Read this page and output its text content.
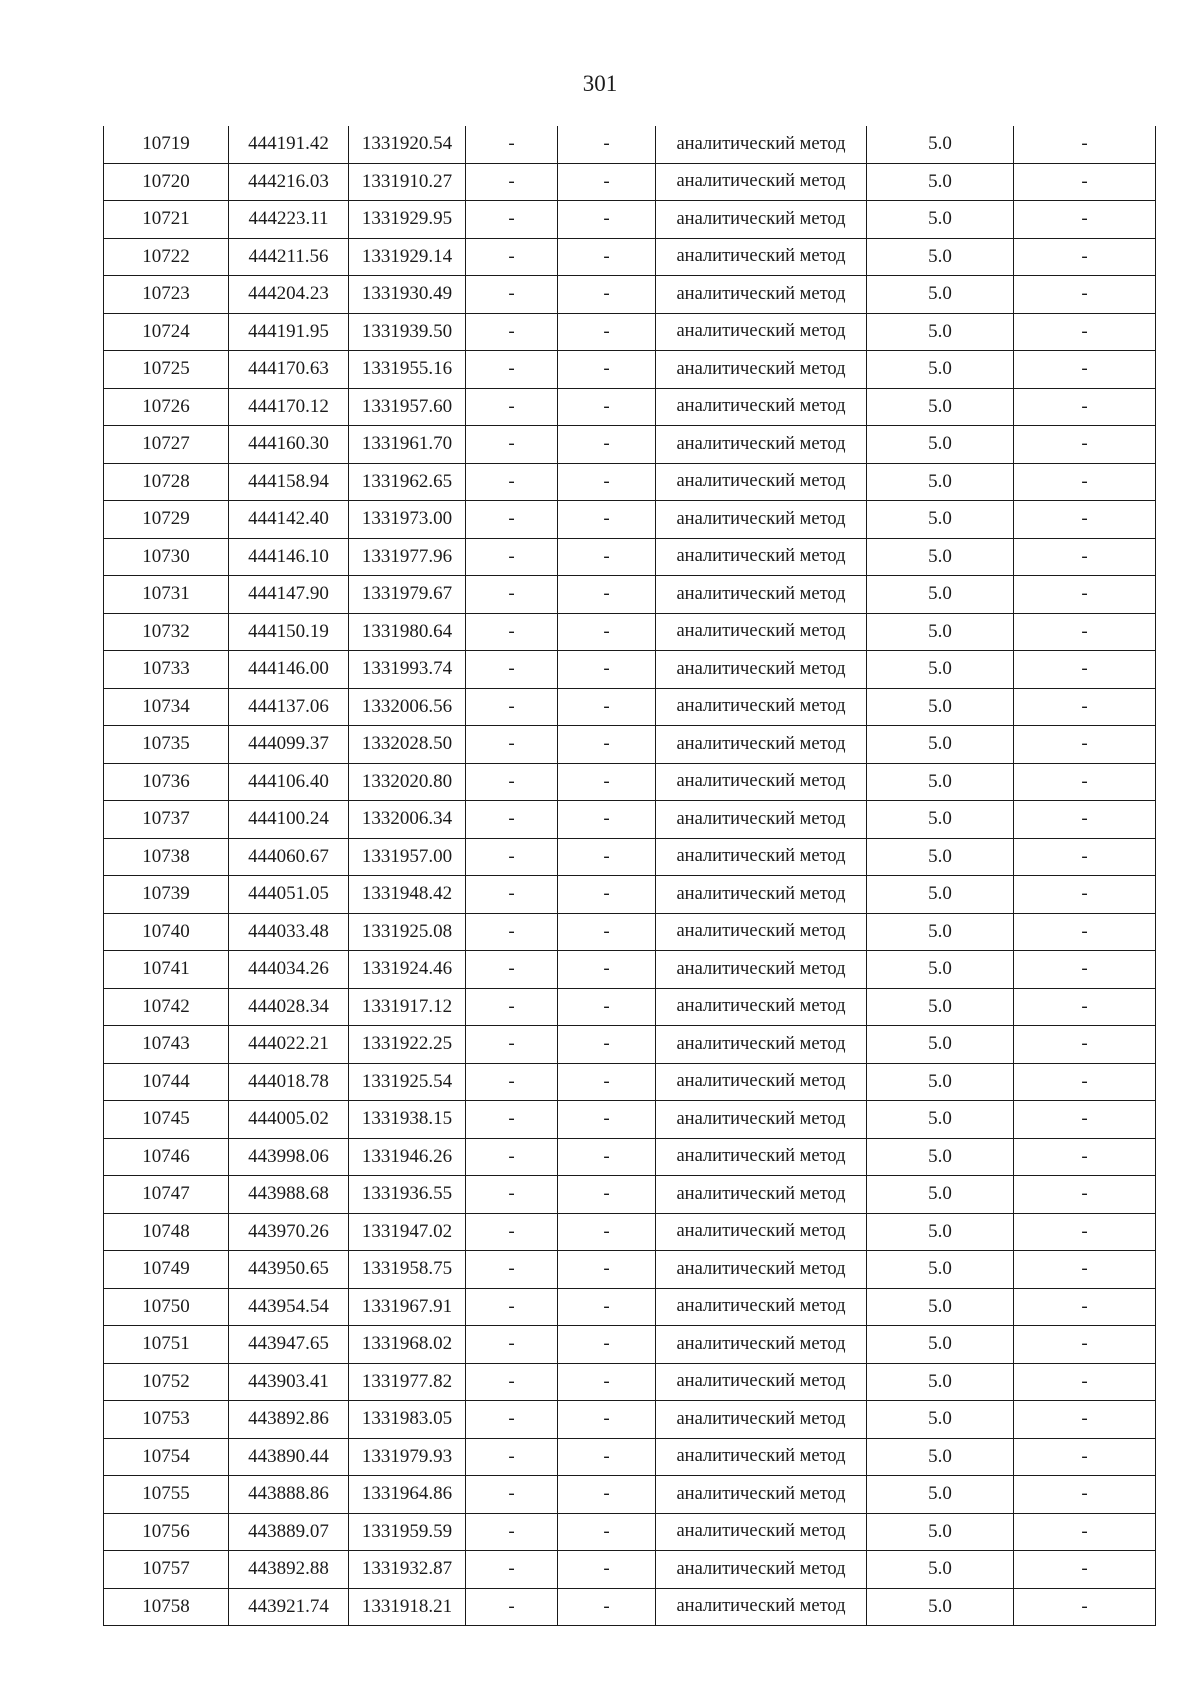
301
10719	444191.42	1331920.54	-	-	аналитический метод	5.0	-
10720	444216.03	1331910.27	-	-	аналитический метод	5.0	-
10721	444223.11	1331929.95	-	-	аналитический метод	5.0	-
10722	444211.56	1331929.14	-	-	аналитический метод	5.0	-
10723	444204.23	1331930.49	-	-	аналитический метод	5.0	-
10724	444191.95	1331939.50	-	-	аналитический метод	5.0	-
10725	444170.63	1331955.16	-	-	аналитический метод	5.0	-
10726	444170.12	1331957.60	-	-	аналитический метод	5.0	-
10727	444160.30	1331961.70	-	-	аналитический метод	5.0	-
10728	444158.94	1331962.65	-	-	аналитический метод	5.0	-
10729	444142.40	1331973.00	-	-	аналитический метод	5.0	-
10730	444146.10	1331977.96	-	-	аналитический метод	5.0	-
10731	444147.90	1331979.67	-	-	аналитический метод	5.0	-
10732	444150.19	1331980.64	-	-	аналитический метод	5.0	-
10733	444146.00	1331993.74	-	-	аналитический метод	5.0	-
10734	444137.06	1332006.56	-	-	аналитический метод	5.0	-
10735	444099.37	1332028.50	-	-	аналитический метод	5.0	-
10736	444106.40	1332020.80	-	-	аналитический метод	5.0	-
10737	444100.24	1332006.34	-	-	аналитический метод	5.0	-
10738	444060.67	1331957.00	-	-	аналитический метод	5.0	-
10739	444051.05	1331948.42	-	-	аналитический метод	5.0	-
10740	444033.48	1331925.08	-	-	аналитический метод	5.0	-
10741	444034.26	1331924.46	-	-	аналитический метод	5.0	-
10742	444028.34	1331917.12	-	-	аналитический метод	5.0	-
10743	444022.21	1331922.25	-	-	аналитический метод	5.0	-
10744	444018.78	1331925.54	-	-	аналитический метод	5.0	-
10745	444005.02	1331938.15	-	-	аналитический метод	5.0	-
10746	443998.06	1331946.26	-	-	аналитический метод	5.0	-
10747	443988.68	1331936.55	-	-	аналитический метод	5.0	-
10748	443970.26	1331947.02	-	-	аналитический метод	5.0	-
10749	443950.65	1331958.75	-	-	аналитический метод	5.0	-
10750	443954.54	1331967.91	-	-	аналитический метод	5.0	-
10751	443947.65	1331968.02	-	-	аналитический метод	5.0	-
10752	443903.41	1331977.82	-	-	аналитический метод	5.0	-
10753	443892.86	1331983.05	-	-	аналитический метод	5.0	-
10754	443890.44	1331979.93	-	-	аналитический метод	5.0	-
10755	443888.86	1331964.86	-	-	аналитический метод	5.0	-
10756	443889.07	1331959.59	-	-	аналитический метод	5.0	-
10757	443892.88	1331932.87	-	-	аналитический метод	5.0	-
10758	443921.74	1331918.21	-	-	аналитический метод	5.0	-
